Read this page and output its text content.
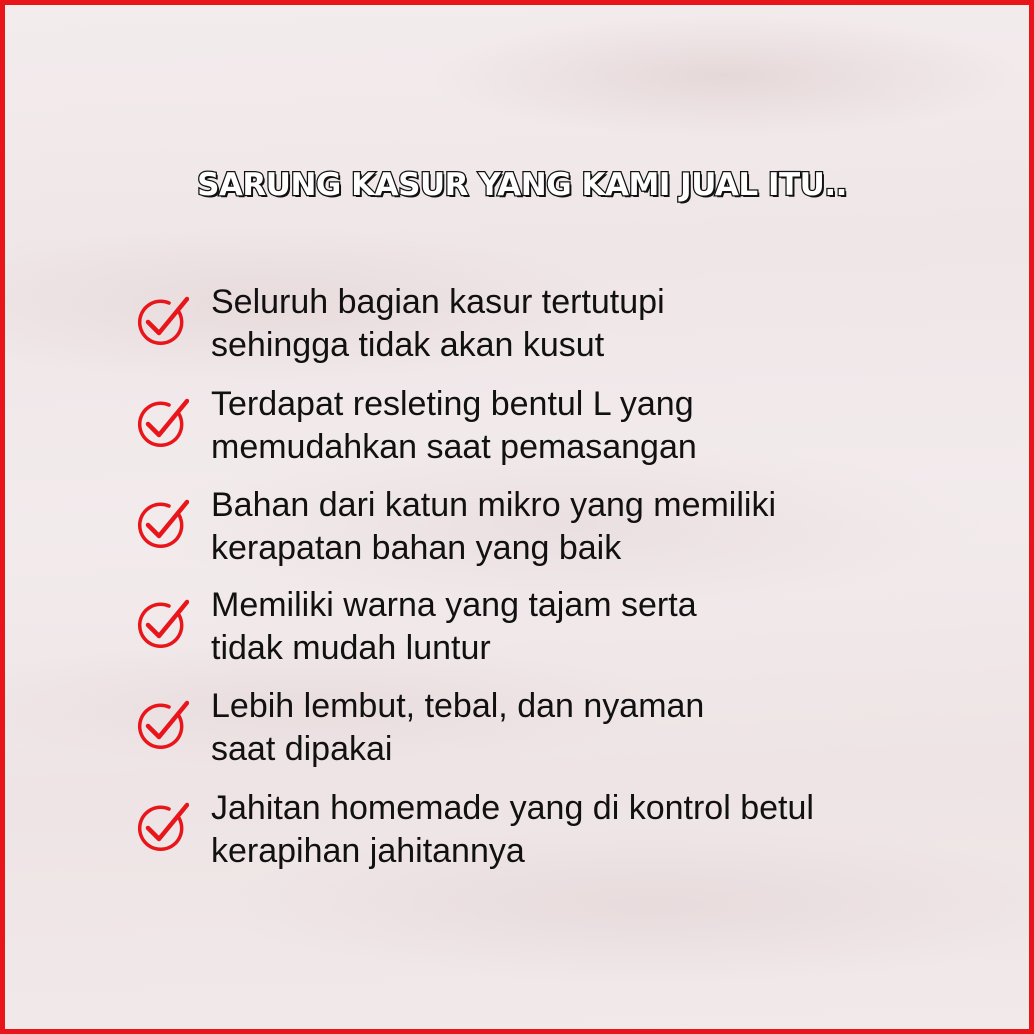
SARUNG KASUR YANG KAMI JUAL ITU..
Seluruh bagian kasur tertutupi
sehingga tidak akan kusut
Terdapat resleting bentul L yang
memudahkan saat pemasangan
Bahan dari katun mikro yang memiliki
kerapatan bahan yang baik
Memiliki warna yang tajam serta
tidak mudah luntur
Lebih lembut, tebal, dan nyaman
saat dipakai
Jahitan homemade yang di kontrol betul
kerapihan jahitannya
